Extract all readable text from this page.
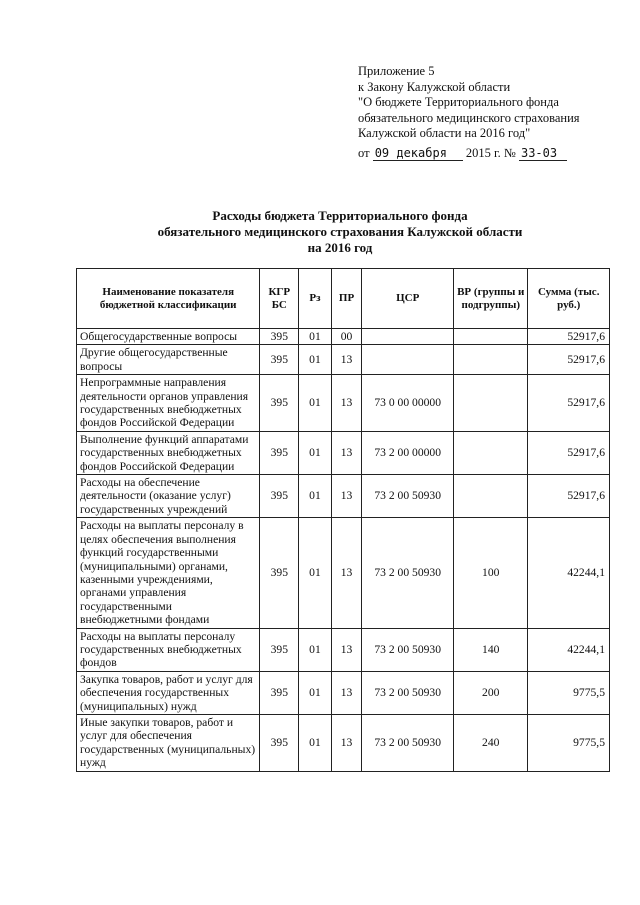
Приложение 5
к Закону Калужской области
"О бюджете Территориального фонда
обязательного медицинского страхования
Калужской области на 2016 год"
от 09 декабря 2015 г. № 33-03
Расходы бюджета Территориального фонда
обязательного медицинского страхования Калужской области
на 2016 год
Наименование показателя бюджетной классификации	КГР БС	Рз	ПР	ЦСР	ВР (группы и подгруппы)	Сумма (тыс. руб.)
Общегосударственные вопросы	395	01	00			52917,6
Другие общегосударственные вопросы	395	01	13			52917,6
Непрограммные направления деятельности органов управления государственных внебюджетных фондов Российской Федерации	395	01	13	73 0 00 00000		52917,6
Выполнение функций аппаратами государственных внебюджетных фондов Российской Федерации	395	01	13	73 2 00 00000		52917,6
Расходы на обеспечение деятельности (оказание услуг) государственных учреждений	395	01	13	73 2 00 50930		52917,6
Расходы на выплаты персоналу в целях обеспечения выполнения функций государственными (муниципальными) органами, казенными учреждениями, органами управления государственными внебюджетными фондами	395	01	13	73 2 00 50930	100	42244,1
Расходы на выплаты персоналу государственных внебюджетных фондов	395	01	13	73 2 00 50930	140	42244,1
Закупка товаров, работ и услуг для обеспечения государственных (муниципальных) нужд	395	01	13	73 2 00 50930	200	9775,5
Иные закупки товаров, работ и услуг для обеспечения государственных (муниципальных) нужд	395	01	13	73 2 00 50930	240	9775,5
